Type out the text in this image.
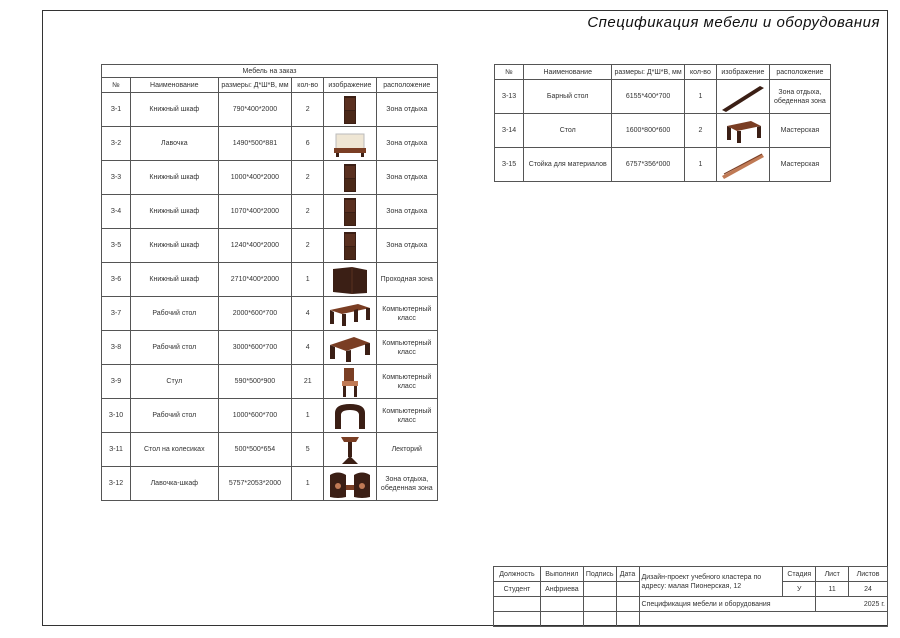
Спецификация мебели и оборудования
Мебель на заказ					
№	Наименование	размеры: Д*Ш*В, мм	кол-во	изображение	расположение
З-1	Книжный шкаф	790*400*2000	2		Зона отдыха
З-2	Лавочка	1490*500*881	6		Зона отдыха
З-3	Книжный шкаф	1000*400*2000	2		Зона отдыха
З-4	Книжный шкаф	1070*400*2000	2		Зона отдыха
З-5	Книжный шкаф	1240*400*2000	2		Зона отдыха
З-6	Книжный шкаф	2710*400*2000	1		Проходная зона
З-7	Рабочий стол	2000*600*700	4		Компьютерный класс
З-8	Рабочий стол	3000*600*700	4		Компьютерный класс
З-9	Стул	590*500*900	21		Компьютерный класс
З-10	Рабочий стол	1000*600*700	1		Компьютерный класс
З-11	Стол на колесиках	500*500*654	5		Лекторий
З-12	Лавочка-шкаф	5757*2053*2000	1		Зона отдыха, обеденная зона
№	Наименование	размеры: Д*Ш*В, мм	кол-во	изображение	расположение
З-13	Барный стол	6155*400*700	1		Зона отдыха, обеденная зона
З-14	Стол	1600*800*600	2		Мастерская
З-15	Стойка для материалов	6757*356*000	1		Мастерская
Должность	Выполнил	Подпись	Дата	Дизайн-проект учебного кластера по адресу: малая Пионерская, 12	Стадия	Лист	Листов
Студент	Анфриева				У	11	24
				Спецификация мебели и оборудования		2025 г.	
